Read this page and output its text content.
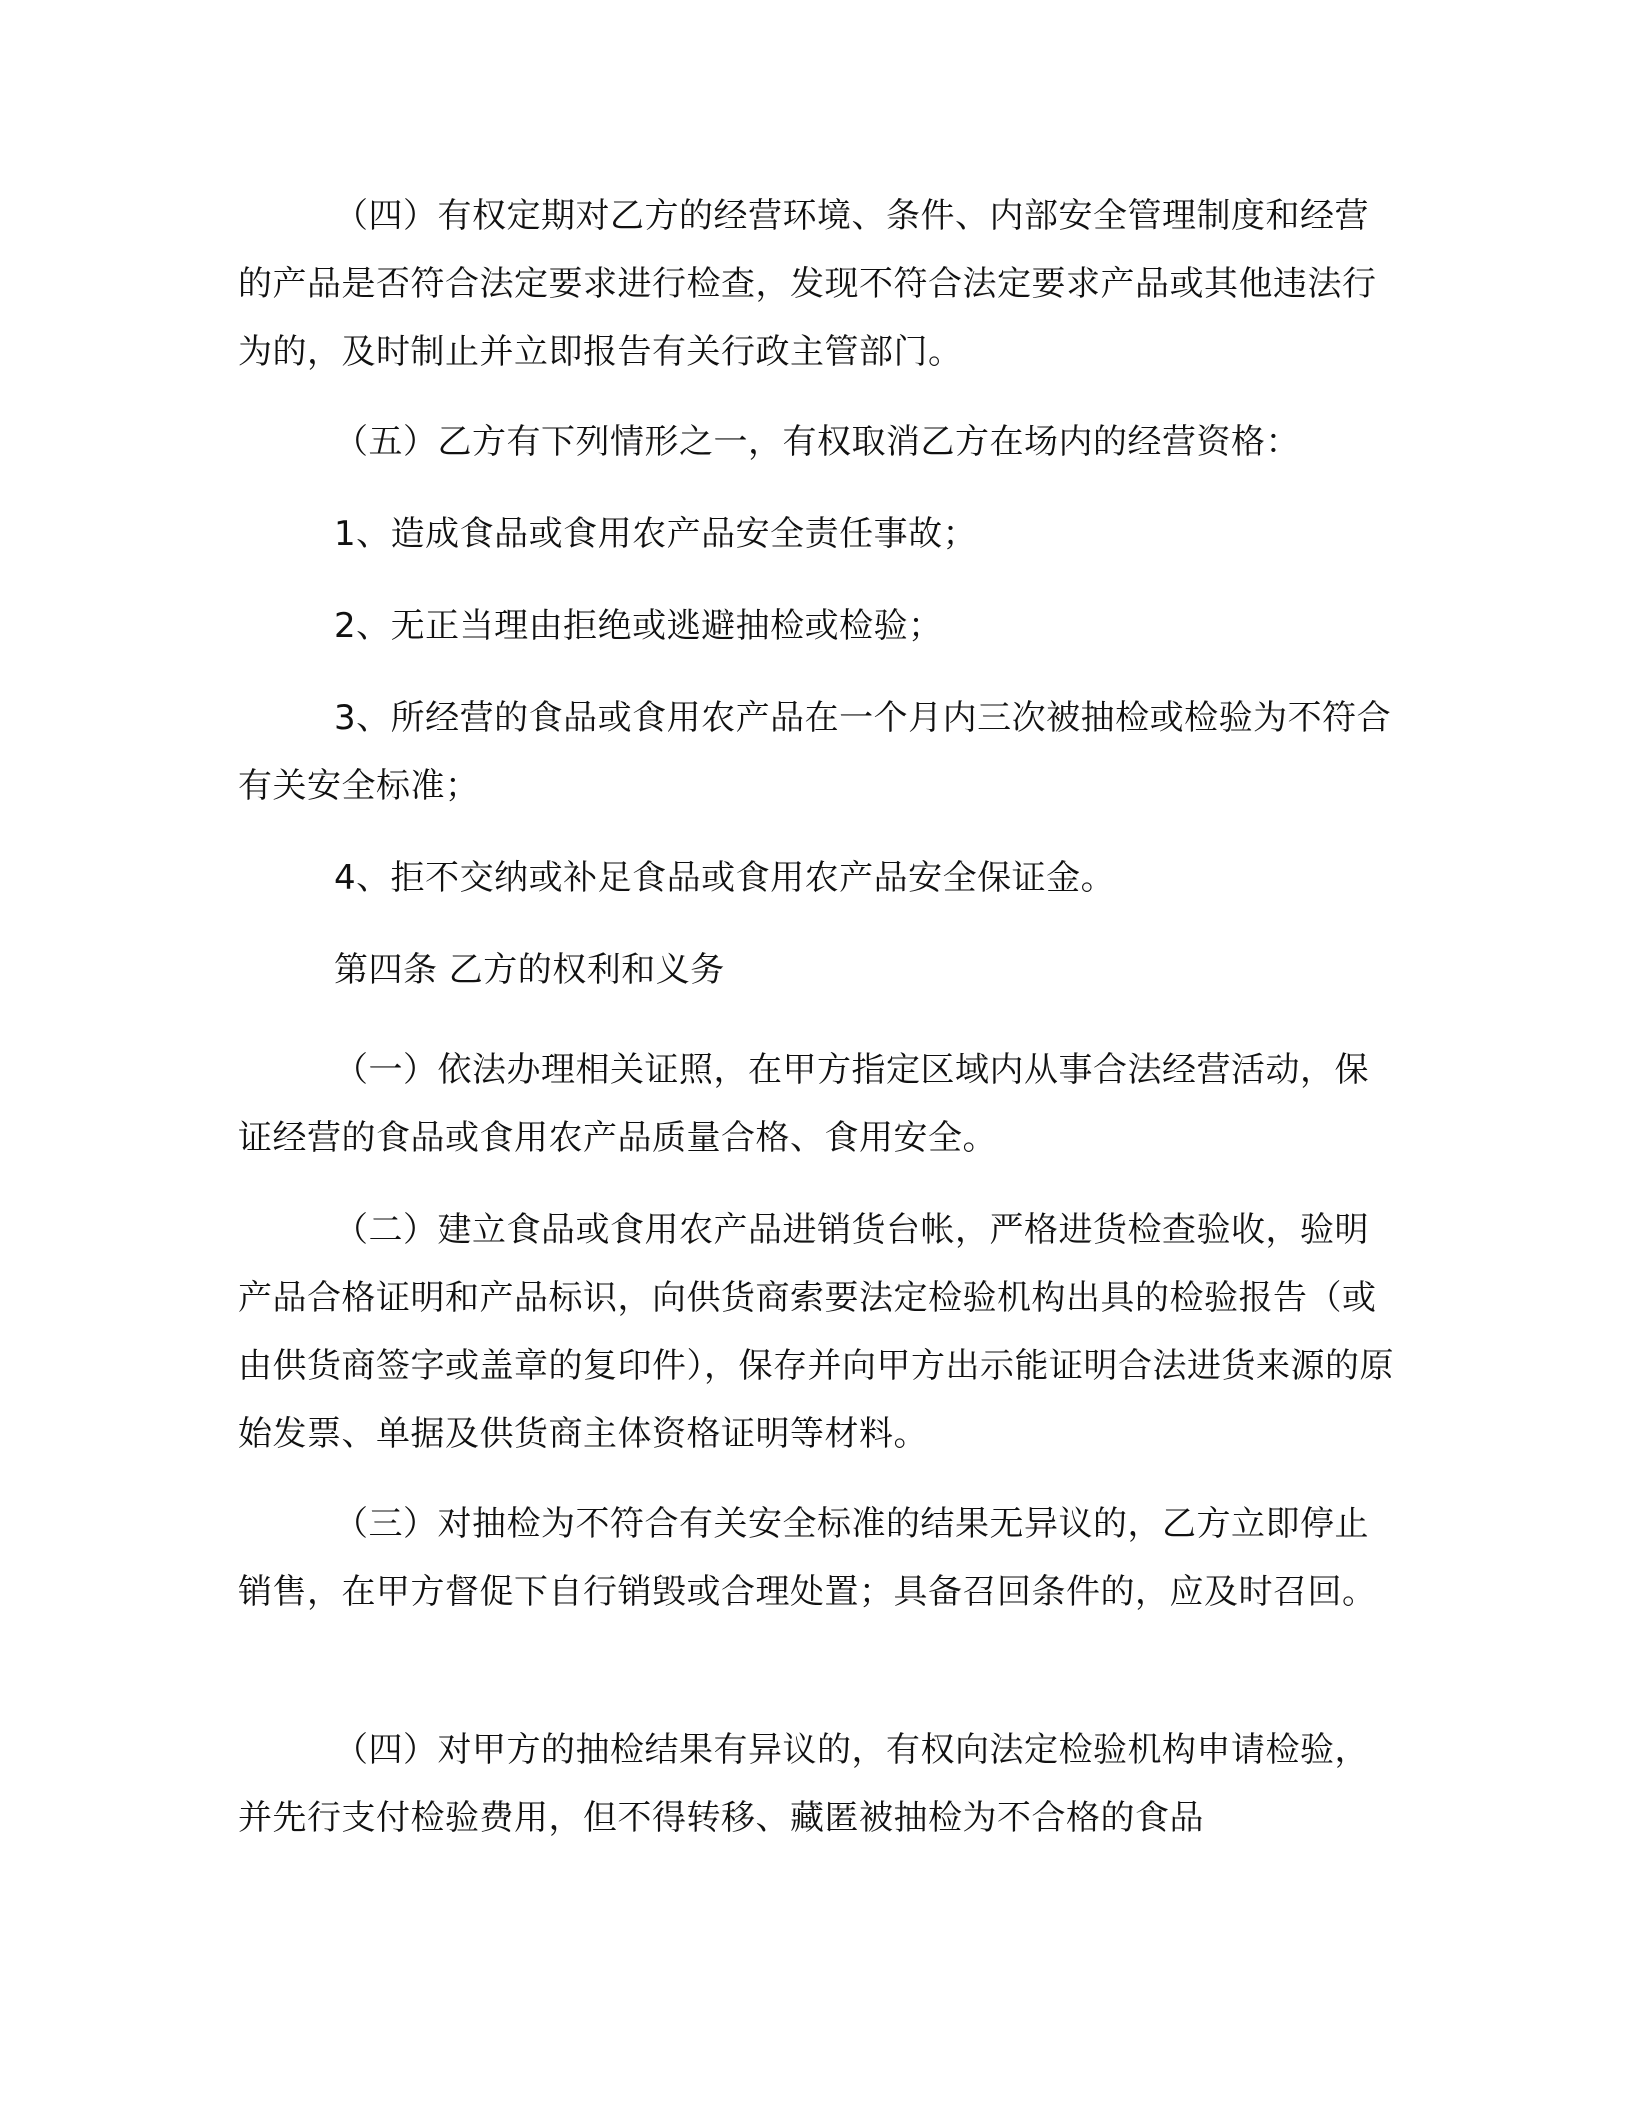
（四）有权定期对乙方的经营环境、条件、内部安全管理制度和经营的产品是否符合法定要求进行检查，发现不符合法定要求产品或其他违法行为的，及时制止并立即报告有关行政主管部门。

（五）乙方有下列情形之一，有权取消乙方在场内的经营资格：

1、造成食品或食用农产品安全责任事故；

2、无正当理由拒绝或逃避抽检或检验；

3、所经营的食品或食用农产品在一个月内三次被抽检或检验为不符合有关安全标准；

4、拒不交纳或补足食品或食用农产品安全保证金。

第四条 乙方的权利和义务

（一）依法办理相关证照，在甲方指定区域内从事合法经营活动，保证经营的食品或食用农产品质量合格、食用安全。

（二）建立食品或食用农产品进销货台帐，严格进货检查验收，验明产品合格证明和产品标识，向供货商索要法定检验机构出具的检验报告（或由供货商签字或盖章的复印件），保存并向甲方出示能证明合法进货来源的原始发票、单据及供货商主体资格证明等材料。

（三）对抽检为不符合有关安全标准的结果无异议的，乙方立即停止销售，在甲方督促下自行销毁或合理处置；具备召回条件的，应及时召回。

（四）对甲方的抽检结果有异议的，有权向法定检验机构申请检验，并先行支付检验费用，但不得转移、藏匿被抽检为不合格的食品
